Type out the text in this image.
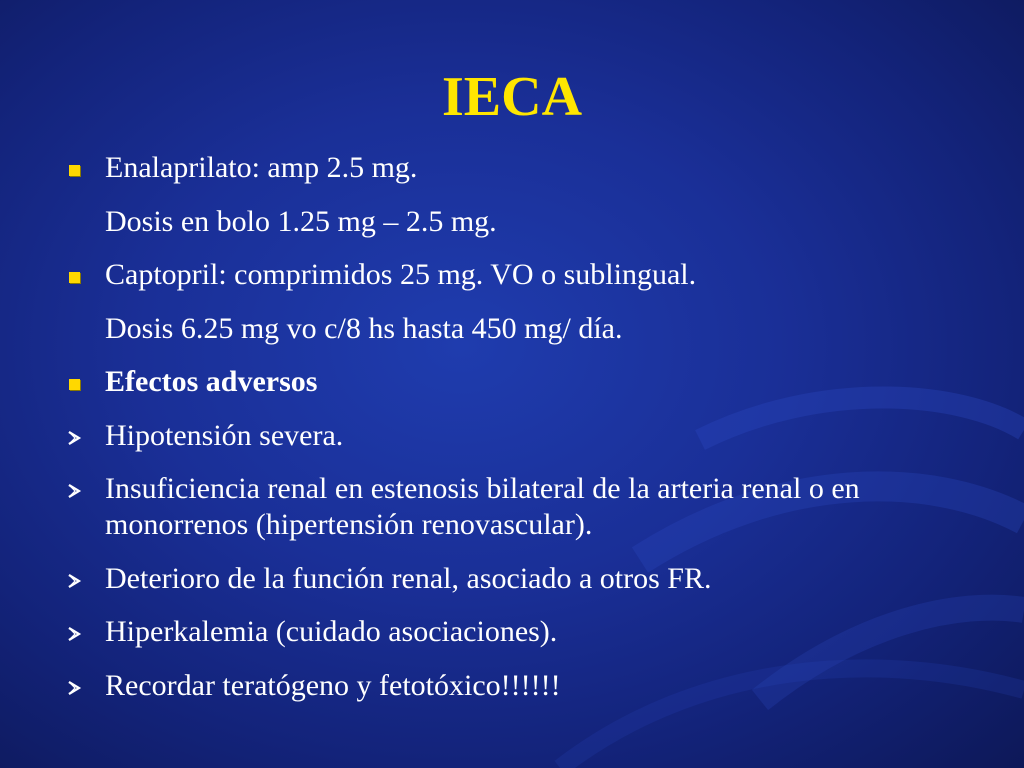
IECA
Enalaprilato: amp 2.5 mg.
Dosis en bolo 1.25 mg – 2.5 mg.
Captopril: comprimidos 25 mg. VO o sublingual.
Dosis 6.25 mg vo c/8 hs hasta 450 mg/ día.
Efectos adversos
Hipotensión severa.
Insuficiencia renal en estenosis bilateral de la arteria renal o en monorrenos (hipertensión renovascular).
Deterioro de la función renal, asociado a otros FR.
Hiperkalemia (cuidado asociaciones).
Recordar teratógeno y fetotóxico!!!!!!
